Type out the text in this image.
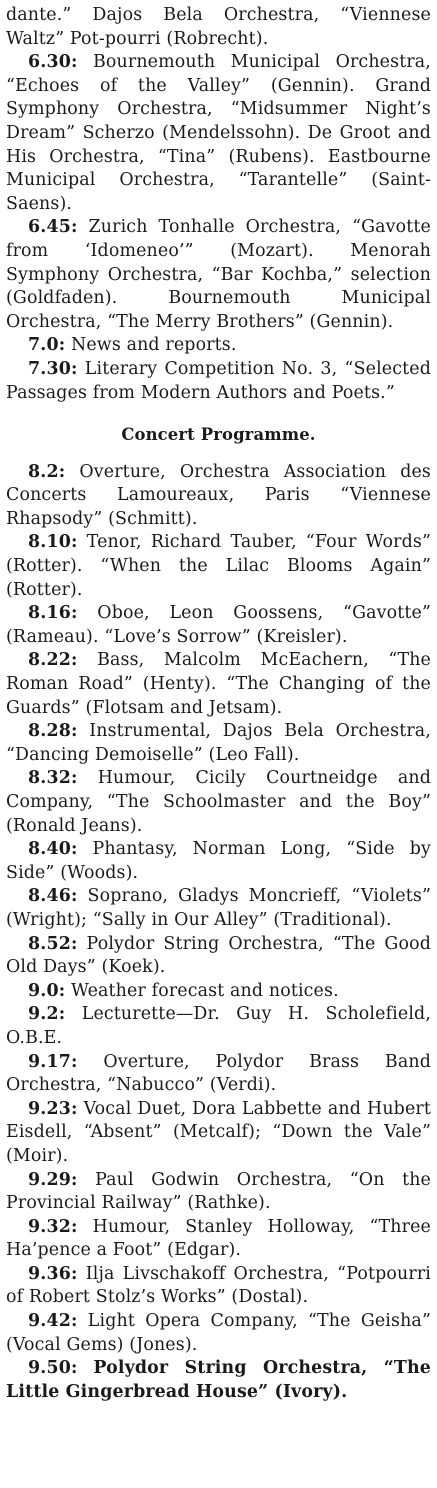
dante.” Dajos Bela Orchestra, “Viennese Waltz” Pot-pourri (Robrecht).

6.30: Bournemouth Municipal Orchestra, “Echoes of the Valley” (Gennin). Grand Symphony Orchestra, “Midsummer Night’s Dream” Scherzo (Mendelssohn). De Groot and His Orchestra, “Tina” (Rubens). Eastbourne Municipal Orchestra, “Tarantelle” (Saint-Saens).

6.45: Zurich Tonhalle Orchestra, “Gavotte from ‘Idomeneo’” (Mozart). Menorah Symphony Orchestra, “Bar Kochba,” selection (Goldfaden). Bournemouth Municipal Orchestra, “The Merry Brothers” (Gennin).

7.0: News and reports.

7.30: Literary Competition No. 3, “Selected Passages from Modern Authors and Poets.”

Concert Programme.

8.2: Overture, Orchestra Association des Concerts Lamoureaux, Paris “Viennese Rhapsody” (Schmitt).

8.10: Tenor, Richard Tauber, “Four Words” (Rotter). “When the Lilac Blooms Again” (Rotter).

8.16: Oboe, Leon Goossens, “Gavotte” (Rameau). “Love’s Sorrow” (Kreisler).

8.22: Bass, Malcolm McEachern, “The Roman Road” (Henty). “The Changing of the Guards” (Flotsam and Jetsam).

8.28: Instrumental, Dajos Bela Orchestra, “Dancing Demoiselle” (Leo Fall).

8.32: Humour, Cicily Courtneidge and Company, “The Schoolmaster and the Boy” (Ronald Jeans).

8.40: Phantasy, Norman Long, “Side by Side” (Woods).

8.46: Soprano, Gladys Moncrieff, “Violets” (Wright); “Sally in Our Alley” (Traditional).

8.52: Polydor String Orchestra, “The Good Old Days” (Koek).

9.0: Weather forecast and notices.

9.2: Lecturette—Dr. Guy H. Scholefield, O.B.E.

9.17: Overture, Polydor Brass Band Orchestra, “Nabucco” (Verdi).

9.23: Vocal Duet, Dora Labbette and Hubert Eisdell, “Absent” (Metcalf); “Down the Vale” (Moir).

9.29: Paul Godwin Orchestra, “On the Provincial Railway” (Rathke).

9.32: Humour, Stanley Holloway, “Three Ha’pence a Foot” (Edgar).

9.36: Ilja Livschakoff Orchestra, “Potpourri of Robert Stolz’s Works” (Dostal).

9.42: Light Opera Company, “The Geisha” (Vocal Gems) (Jones).

9.50: Polydor String Orchestra, “The Little Gingerbread House” (Ivory).
